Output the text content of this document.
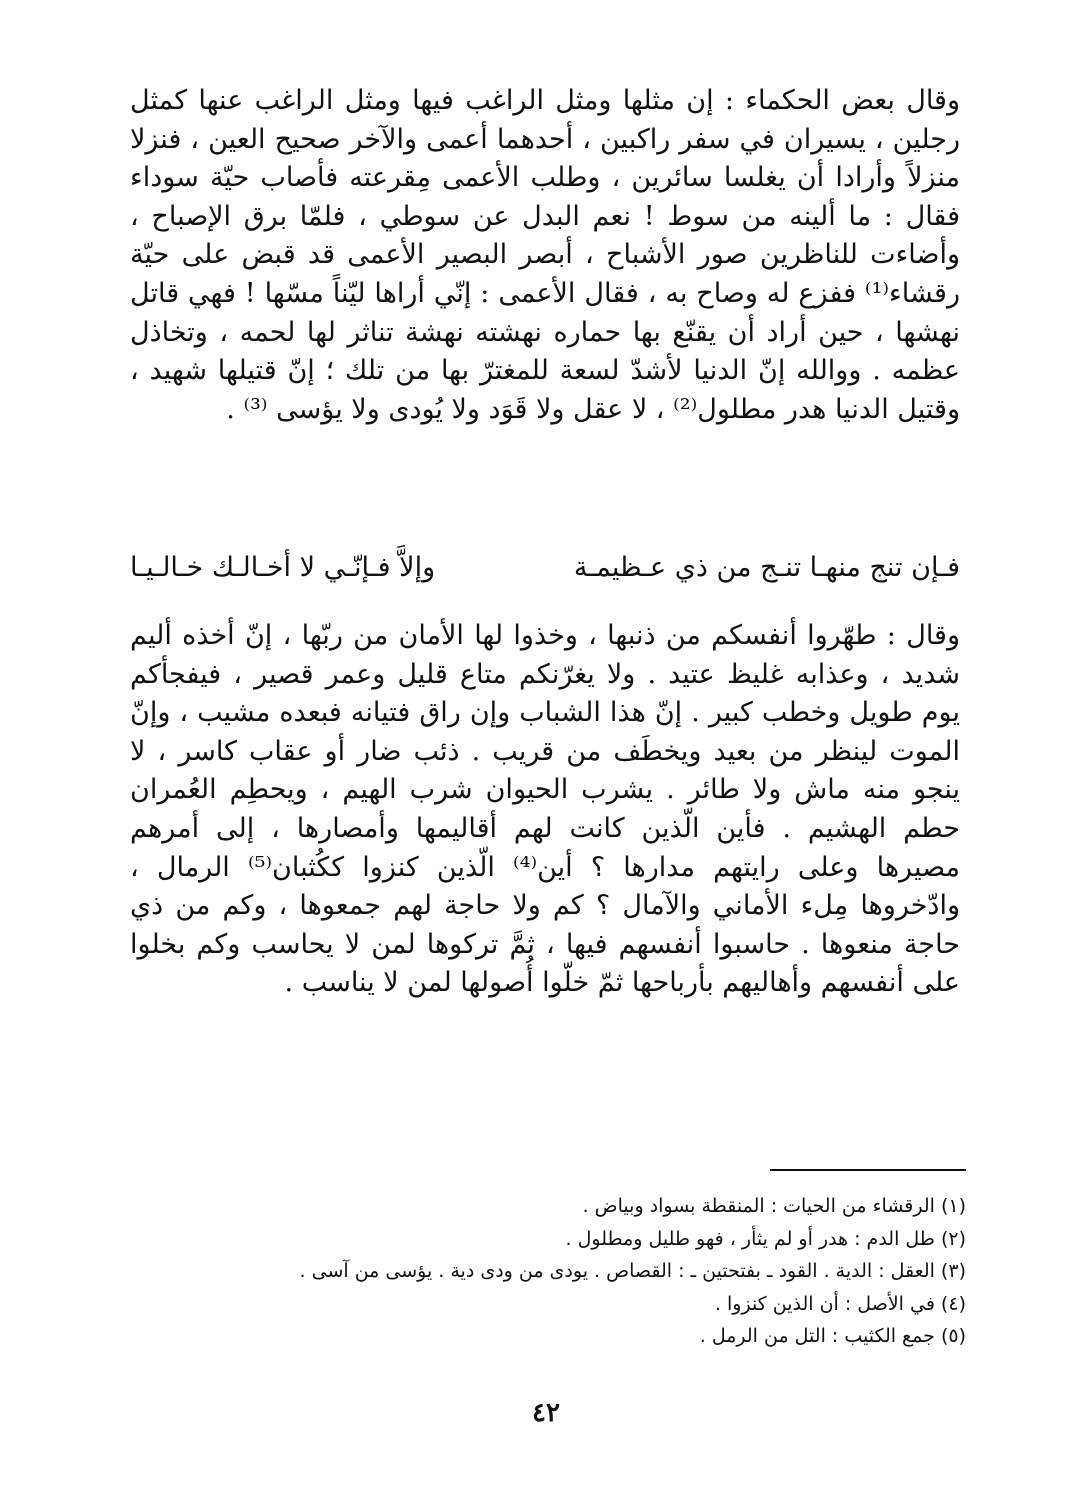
وقال بعض الحكماء : إن مثلها ومثل الراغب فيها ومثل الراغب عنها كمثل رجلين ، يسيران في سفر راكبين ، أحدهما أعمى والآخر صحيح العين ، فنزلا منزلاً وأرادا أن يغلسا سائرين ، وطلب الأعمى مِقرعته فأصاب حيّة سوداء فقال : ما ألينه من سوط ! نعم البدل عن سوطي ، فلمّا برق الإصباح ، وأضاءت للناظرين صور الأشباح ، أبصر البصير الأعمى قد قبض على حيّة رقشاء⁽¹⁾ ففزع له وصاح به ، فقال الأعمى : إنّي أراها ليّناً مسّها ! فهي قاتل نهشها ، حين أراد أن يقنّع بها حماره نهشته نهشة تناثر لها لحمه ، وتخاذل عظمه . ووالله إنّ الدنيا لأشدّ لسعة للمغترّ بها من تلك ؛ إنّ قتيلها شهيد ، وقتيل الدنيا هدر مطلول⁽²⁾ ، لا عقل ولا قَوَد ولا يُودى ولا يؤسى ⁽³⁾ .

فـإن تنج منهـا تنـج من ذي عـظيمـة
وإلاَّ فـإنّـي لا أخـالـك خـالـيـا

وقال : طهّروا أنفسكم من ذنبها ، وخذوا لها الأمان من ربّها ، إنّ أخذه أليم شديد ، وعذابه غليظ عتيد . ولا يغرّنكم متاع قليل وعمر قصير ، فيفجأكم يوم طويل وخطب كبير . إنّ هذا الشباب وإن راق فتيانه فبعده مشيب ، وإنّ الموت لينظر من بعيد ويخطَف من قريب . ذئب ضار أو عقاب كاسر ، لا ينجو منه ماش ولا طائر . يشرب الحيوان شرب الهيم ، ويحطِم العُمران حطم الهشيم . فأين الّذين كانت لهم أقاليمها وأمصارها ، إلى أمرهم مصيرها وعلى رايتهم مدارها ؟ أين⁽⁴⁾ الّذين كنزوا ككُثبان⁽⁵⁾ الرمال ، وادّخروها مِلء الأماني والآمال ؟ كم ولا حاجة لهم جمعوها ، وكم من ذي حاجة منعوها . حاسبوا أنفسهم فيها ، ثمَّ تركوها لمن لا يحاسب وكم بخلوا على أنفسهم وأهاليهم بأرباحها ثمّ خلّوا أُصولها لمن لا يناسب .

(١) الرقشاء من الحيات : المنقطة بسواد وبياض .
(٢) طل الدم : هدر أو لم يثأر ، فهو طليل ومطلول .
(٣) العقل : الدية . القود ـ بفتحتين ـ : القصاص . يودى من ودى دية . يؤسى من آسى .
(٤) في الأصل : أن الذين كنزوا .
(٥) جمع الكثيب : التل من الرمل .
٤٢
